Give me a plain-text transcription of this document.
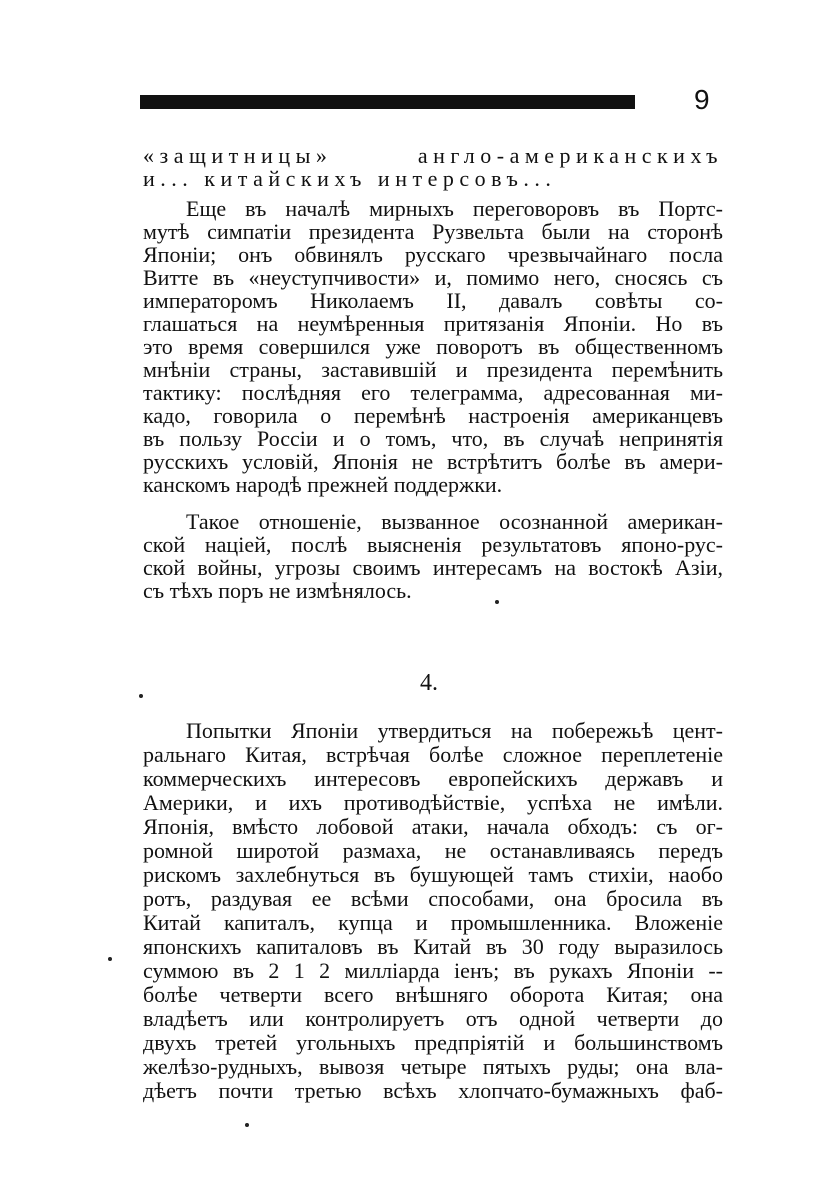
9
«защитницы» англо-американскихъ
и... китайскихъ интерсовъ...
Еще въ началѣ мирныхъ переговоровъ въ Портс-
мутѣ симпатіи президента Рузвельта были на сторонѣ
Японіи; онъ обвинялъ русскаго чрезвычайнаго посла
Витте въ «неуступчивости» и, помимо него, сносясь съ
императоромъ Николаемъ II, давалъ совѣты со-
глашаться на неумѣренныя притязанія Японіи. Но въ
это время совершился уже поворотъ въ общественномъ
мнѣніи страны, заставившій и президента перемѣнить
тактику: послѣдняя его телеграмма, адресованная ми-
кадо, говорила о перемѣнѣ настроенія американцевъ
въ пользу Россіи и о томъ, что, въ случаѣ непринятія
русскихъ условій, Японія не встрѣтитъ болѣе въ амери-
канскомъ народѣ прежней поддержки.
Такое отношеніе, вызванное осознанной американ-
ской націей, послѣ выясненія результатовъ японо-рус-
ской войны, угрозы своимъ интересамъ на востокѣ Азіи,
съ тѣхъ поръ не измѣнялось.
4.
Попытки Японіи утвердиться на побережьѣ цент-
ральнаго Китая, встрѣчая болѣе сложное переплетеніе
коммерческихъ интересовъ европейскихъ державъ и
Америки, и ихъ противодѣйствіе, успѣха не имѣли.
Японія, вмѣсто лобовой атаки, начала обходъ: съ ог-
ромной широтой размаха, не останавливаясь передъ
рискомъ захлебнуться въ бушующей тамъ стихіи, наобо
ротъ, раздувая ее всѣми способами, она бросила въ
Китай капиталъ, купца и промышленника. Вложеніе
японскихъ капиталовъ въ Китай въ 30 году выразилось
суммою въ 2 1 2 милліарда іенъ; въ рукахъ Японіи --
болѣе четверти всего внѣшняго оборота Китая; она
владѣетъ или контролируетъ отъ одной четверти до
двухъ третей угольныхъ предпріятій и большинствомъ
желѣзо-рудныхъ, вывозя четыре пятыхъ руды; она вла-
дѣетъ почти третью всѣхъ хлопчато-бумажныхъ фаб-
